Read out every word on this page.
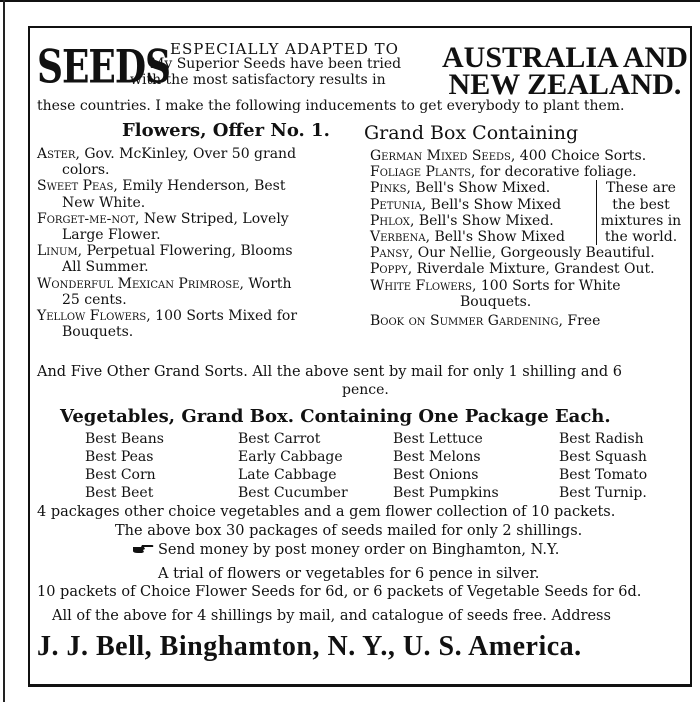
SEEDS ESPECIALLY ADAPTED TO
My Superior Seeds have been tried
with the most satisfactory results in
AUSTRALIA AND
NEW ZEALAND.
these countries. I make the following inducements to get everybody to plant them.
Flowers, Offer No. 1. Grand Box Containing
Aster, Gov. McKinley, Over 50 grand
colors.
Sweet Peas, Emily Henderson, Best
New White.
Forget-me-not, New Striped, Lovely
Large Flower.
Linum, Perpetual Flowering, Blooms
All Summer.
Wonderful Mexican Primrose, Worth
25 cents.
Yellow Flowers, 100 Sorts Mixed for
Bouquets.
German Mixed Seeds, 400 Choice Sorts.
Foliage Plants, for decorative foliage.
Pinks, Bell's Show Mixed.
Petunia, Bell's Show Mixed
Phlox, Bell's Show Mixed.
Verbena, Bell's Show Mixed
These are
the best
mixtures in
the world.
Pansy, Our Nellie, Gorgeously Beautiful.
Poppy, Riverdale Mixture, Grandest Out.
White Flowers, 100 Sorts for White
Bouquets.
Book on Summer Gardening, Free
And Five Other Grand Sorts. All the above sent by mail for only 1 shilling and 6
pence.
Vegetables, Grand Box. Containing One Package Each.
Best Beans
Best Peas
Best Corn
Best Beet
Best Carrot
Early Cabbage
Late Cabbage
Best Cucumber
Best Lettuce
Best Melons
Best Onions
Best Pumpkins
Best Radish
Best Squash
Best Tomato
Best Turnip.
4 packages other choice vegetables and a gem flower collection of 10 packets.
The above box 30 packages of seeds mailed for only 2 shillings.
Send money by post money order on Binghamton, N.Y.
A trial of flowers or vegetables for 6 pence in silver.
10 packets of Choice Flower Seeds for 6d, or 6 packets of Vegetable Seeds for 6d.
All of the above for 4 shillings by mail, and catalogue of seeds free. Address
J. J. Bell, Binghamton, N. Y., U. S. America.
